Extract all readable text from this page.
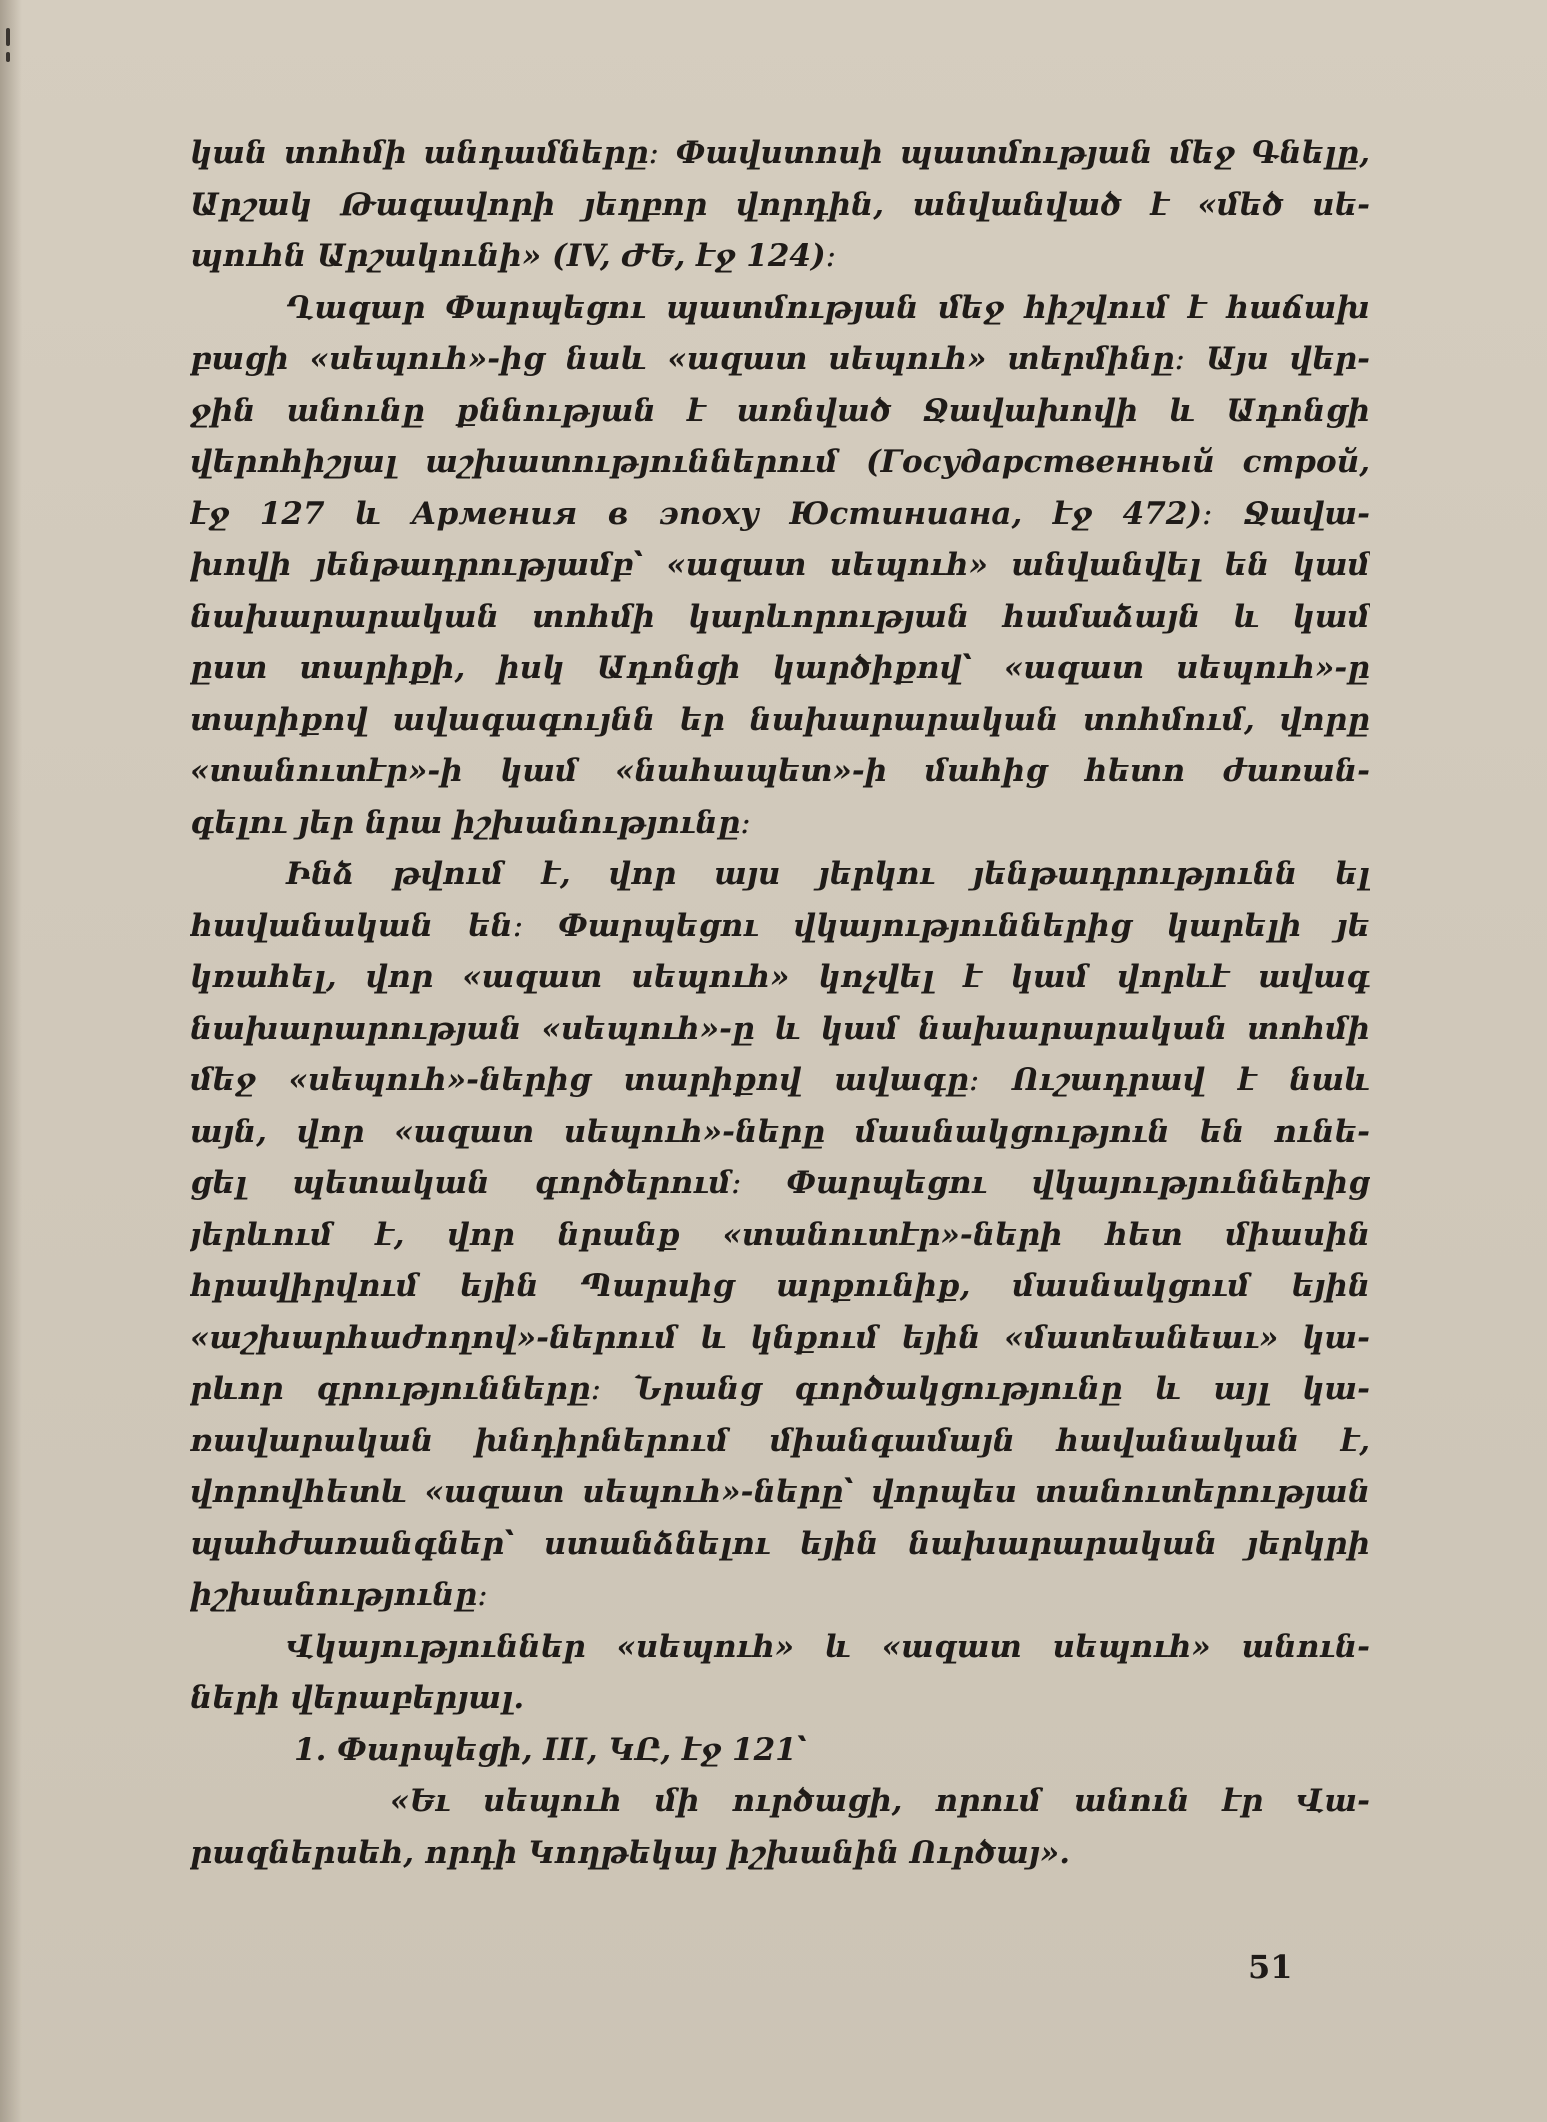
կան տոհմի անդամները։ Փավստոսի պատմության մեջ Գնելը,
Արշակ Թագավորի յեղբոր վորդին, անվանված է «մեծ սե-
պուհն Արշակունի» (IV, ԺԵ, էջ 124)։
Ղազար Փարպեցու պատմության մեջ հիշվում է հաճախ
բացի «սեպուհ»-ից նաև «ազատ սեպուհ» տերմինը։ Այս վեր-
ջին անունը քննության է առնված Ջավախովի և Ադոնցի
վերոհիշյալ աշխատություններում (Государственный строй,
էջ 127 և Армения в эпоху Юстиниана, էջ 472)։ Ջավա-
խովի յենթադրությամբ՝ «ազատ սեպուհ» անվանվել են կամ
նախարարական տոհմի կարևորության համաձայն և կամ
ըստ տարիքի, իսկ Ադոնցի կարծիքով՝ «ազատ սեպուհ»-ը
տարիքով ավագագույնն եր նախարարական տոհմում, վորը
«տանուտէր»-ի կամ «նահապետ»-ի մահից հետո ժառան-
գելու յեր նրա իշխանությունը։
Ինձ թվում է, վոր այս յերկու յենթադրությունն ել
հավանական են։ Փարպեցու վկայություններից կարելի յե
կռահել, վոր «ազատ սեպուհ» կոչվել է կամ վորևէ ավագ
նախարարության «սեպուհ»-ը և կամ նախարարական տոհմի
մեջ «սեպուհ»-ներից տարիքով ավագը։ Ուշադրավ է նաև
այն, վոր «ազատ սեպուհ»-ները մասնակցություն են ունե-
ցել պետական գործերում։ Փարպեցու վկայություններից
յերևում է, վոր նրանք «տանուտէր»-ների հետ միասին
հրավիրվում եյին Պարսից արքունիք, մասնակցում եյին
«աշխարհաժողով»-ներում և կնքում եյին «մատեանեաւ» կա-
րևոր գրությունները։ Նրանց գործակցությունը և այլ կա-
ռավարական խնդիրներում միանգամայն հավանական է,
վորովհետև «ազատ սեպուհ»-ները՝ վորպես տանուտերության
պահժառանգներ՝ ստանձնելու եյին նախարարական յերկրի
իշխանությունը։
Վկայություններ «սեպուհ» և «ազատ սեպուհ» անուն-
ների վերաբերյալ.
1. Փարպեցի, III, ԿԸ, էջ 121՝
«Եւ սեպուհ մի ուրծացի, որում անուն էր Վա-
րազներսեհ, որդի Կողթեկայ իշխանին Ուրծայ».
51
